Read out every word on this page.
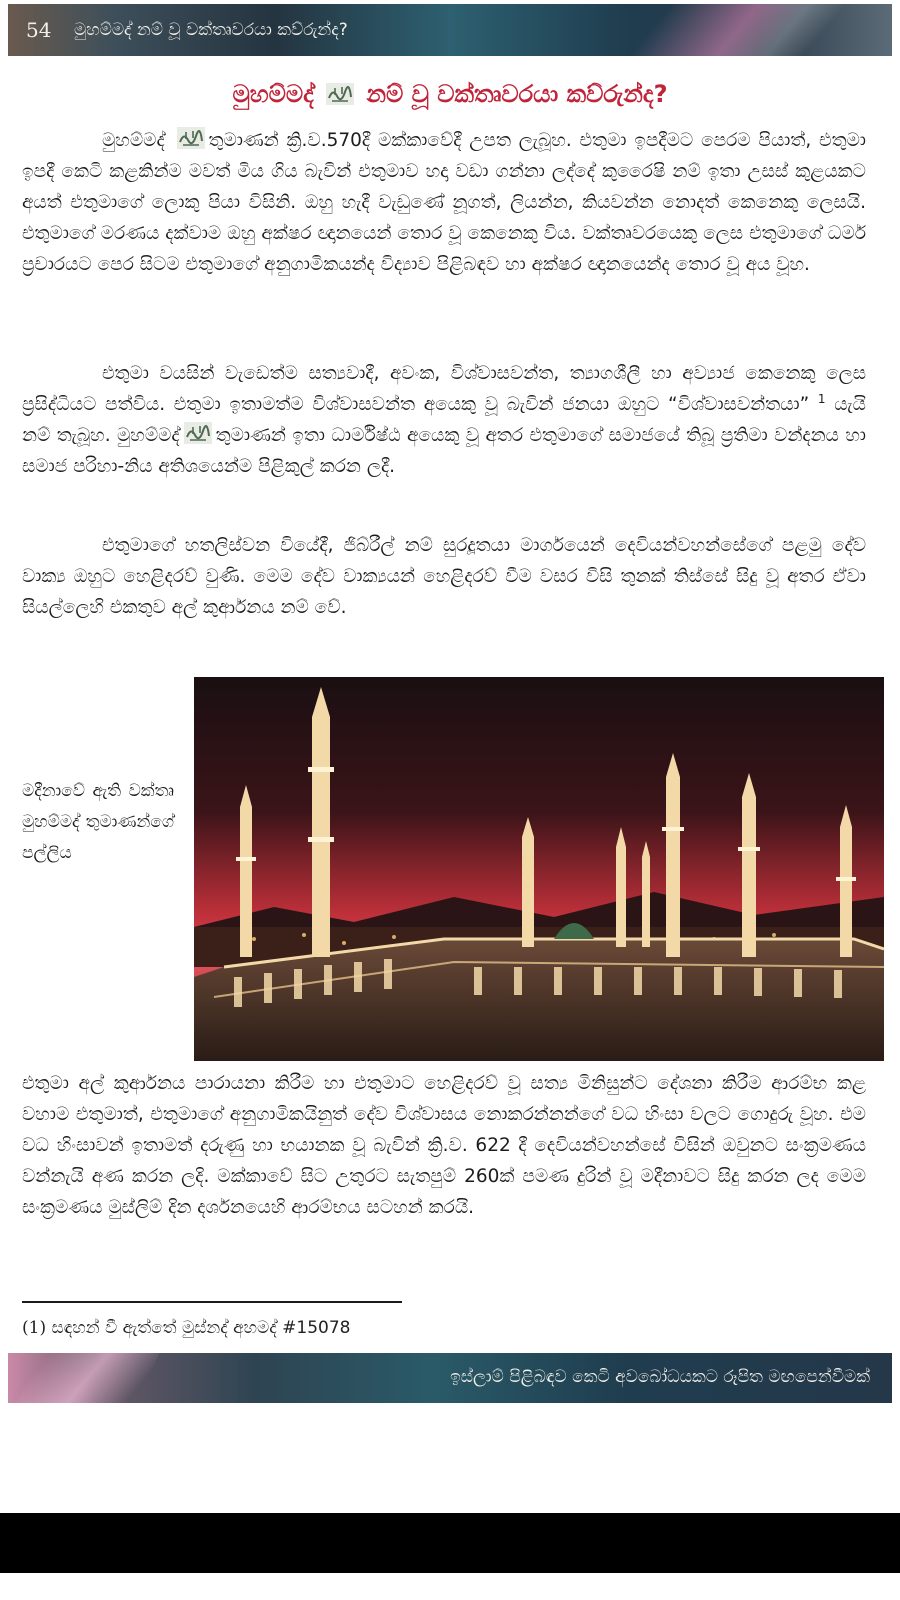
54 මුහම්මද් නම් වූ වක්තෘවරයා කව්රුන්ද?
මුහම්මද් නම් වූ වක්තෘවරයා කව්රුන්ද?

මුහම්මද් තුමාණන් ක්‍රි.ව.570දී මක්කාවේදී උපත ලැබූහ. එතුමා ඉපදීමට පෙරම පියාත්, එතුමා ඉපදී කෙටි කළකින්ම මවත් මිය ගිය බැවින් එතුමාව හදා වඩා ගන්නා ලද්දේ කුරෛෂි නම් ඉතා උසස් කුළයකට අයත් එතුමාගේ ලොකු පියා විසිනි. ඔහු හැදී වැඩුණේ නූගත්, ලියන්න, කියවන්න නොදත් කෙනෙකු ලෙසයි. එතුමාගේ මරණය දක්වාම ඔහු අක්ෂර ඥානයෙන් තොර වූ කෙනෙකු විය. වක්තෘවරයෙකු ලෙස එතුමාගේ ධර්ම ප්‍රචාරයට පෙර සිටම එතුමාගේ අනුගාමිකයන්ද විද්‍යාව පිළිබඳව හා අක්ෂර ඥානයෙන්ද තොර වූ අය වූහ.

එතුමා වයසින් වැඩෙත්ම සත්‍යවාදී, අවංක, විශ්වාසවන්ත, ත්‍යාගශීලී හා අව්‍යාජ කෙනෙකු ලෙස ප්‍රසිද්ධියට පත්විය. එතුමා ඉතාමත්ම විශ්වාසවන්ත අයෙකු වූ බැවින් ජනයා ඔහුට “විශ්වාසවන්තයා” $^1$ යැයි නම් තැබූහ. මුහම්මද් තුමාණන් ඉතා ධාර්මිෂ්ඨ අයෙකු වූ අතර එතුමාගේ සමාජයේ තිබූ ප්‍රතිමා වන්දනය හා සමාජ පරිහා-නිය අතිශයෙන්ම පිළිකුල් කරන ලදී.

එතුමාගේ හතලිස්වන වියේදී, ජිබ්රීල් නම් සුරදූතයා මාර්ගයෙන් දෙවියන්වහන්සේගේ පළමු දේව වාක්‍ය ඔහුට හෙළිදරව් වුණි. මෙම දේව වාක්‍යයන් හෙළිදරව් වීම වසර විසි තුනක් තිස්සේ සිදු වූ අතර ඒවා සියල්ලෙහි එකතුව අල් කුර්ආනය නම් වේ.

මදීනාවේ ඇති වක්තෘ මුහම්මද් තුමාණන්ගේ පල්ලිය

එතුමා අල් කුර්ආනය පාරායනා කිරීම හා එතුමාට හෙළිදරව් වූ සත්‍ය මිනිසුන්ට දේශනා කිරීම ආරම්භ කළ වහාම එතුමාත්, එතුමාගේ අනුගාමිකයිනුත් දේව විශ්වාසය නොකරන්නන්ගේ වධ හිංසා වලට ගොදුරු වූහ. එම වධ හිංසාවන් ඉතාමත් දරුණු හා භයානක වූ බැවින් ක්‍රි.ව. 622 දී දෙවියන්වහන්සේ විසින් ඔවුනට සංක්‍රමණය වන්නැයි අණ කරන ලදි. මක්කාවේ සිට උතුරට සැතපුම් 260ක් පමණ දුරින් වූ මදීනාවට සිදු කරන ලද මෙම සංක්‍රමණය මුස්ලිම් දින දර්ශනයෙහි ආරම්භය සටහන් කරයි.

(1) සඳහන් වී ඇත්තේ මුස්නද් අහමද් #15078

ඉස්ලාම් පිළිබඳව කෙටි අවබෝධයකට රූපිත මඟපෙන්වීමක්
